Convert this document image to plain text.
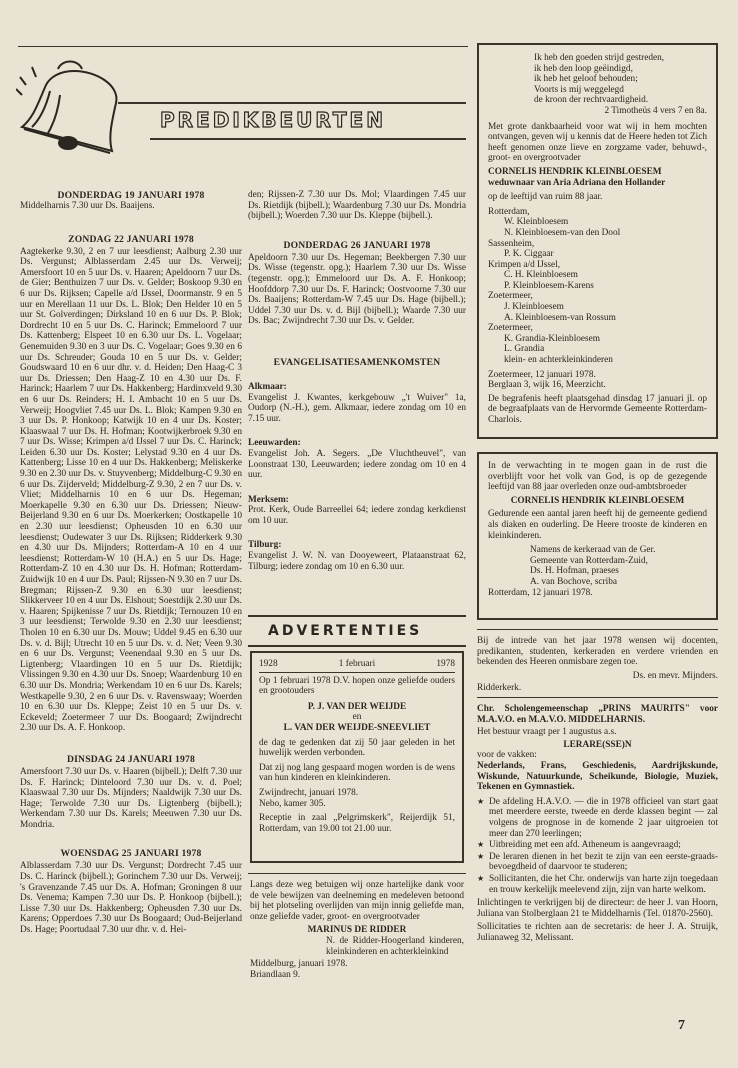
PREDIKBEURTEN
DONDERDAG 19 JANUARI 1978
Middelharnis 7.30 uur Ds. Baaijens.
ZONDAG 22 JANUARI 1978
Aagtekerke 9.30, 2 en 7 uur leesdienst; Aalburg 2.30 uur Ds. Vergunst; Alblasserdam 2.45 uur Ds. Verweij; Amersfoort 10 en 5 uur Ds. v. Haaren; Apeldoorn 7 uur Ds. de Gier; Benthuizen 7 uur Ds. v. Gelder; Boskoop 9.30 en 6 uur Ds. Rijksen; Capelle a/d IJssel, Doormanstr. 9 en 5 uur en Merellaan 11 uur Ds. L. Blok; Den Helder 10 en 5 uur St. Golverdingen; Dirksland 10 en 6 uur Ds. P. Blok; Dordrecht 10 en 5 uur Ds. C. Harinck; Emmeloord 7 uur Ds. Kattenberg; Elspeet 10 en 6.30 uur Ds. L. Vogelaar; Genemuiden 9.30 en 3 uur Ds. C. Vogelaar; Goes 9.30 en 6 uur Ds. Schreuder; Gouda 10 en 5 uur Ds. v. Gelder; Goudswaard 10 en 6 uur dhr. v. d. Heiden; Den Haag-C 3 uur Ds. Driessen; Den Haag-Z 10 en 4.30 uur Ds. F. Harinck; Haarlem 7 uur Ds. Hakkenberg; Hardinxveld 9.30 en 6 uur Ds. Reinders; H. I. Ambacht 10 en 5 uur Ds. Verweij; Hoogvliet 7.45 uur Ds. L. Blok; Kampen 9.30 en 3 uur Ds. P. Honkoop; Katwijk 10 en 4 uur Ds. Koster; Klaaswaal 7 uur Ds. H. Hofman; Kootwijkerbroek 9.30 en 7 uur Ds. Wisse; Krimpen a/d IJssel 7 uur Ds. C. Harinck; Leiden 6.30 uur Ds. Koster; Lelystad 9.30 en 4 uur Ds. Kattenberg; Lisse 10 en 4 uur Ds. Hakkenberg; Meliskerke 9.30 en 2.30 uur Ds. v. Stuyvenberg; Middelburg-C 9.30 en 6 uur Ds. Zijderveld; Middelburg-Z 9.30, 2 en 7 uur Ds. v. Vliet; Middelharnis 10 en 6 uur Ds. Hegeman; Moerkapelle 9.30 en 6.30 uur Ds. Driessen; Nieuw-Beijerland 9.30 en 6 uur Ds. Moerkerken; Oostkapelle 10 en 2.30 uur leesdienst; Opheusden 10 en 6.30 uur leesdienst; Oudewater 3 uur Ds. Rijksen; Ridderkerk 9.30 en 4.30 uur Ds. Mijnders; Rotterdam-A 10 en 4 uur leesdienst; Rotterdam-W 10 (H.A.) en 5 uur Ds. Hage; Rotterdam-Z 10 en 4.30 uur Ds. H. Hofman; Rotterdam-Zuidwijk 10 en 4 uur Ds. Paul; Rijssen-N 9.30 en 7 uur Ds. Bregman; Rijssen-Z 9.30 en 6.30 uur leesdienst; Slikkerveer 10 en 4 uur Ds. Elshout; Soestdijk 2.30 uur Ds. v. Haaren; Spijkenisse 7 uur Ds. Rietdijk; Ternouzen 10 en 3 uur leesdienst; Terwolde 9.30 en 2.30 uur leesdienst; Tholen 10 en 6.30 uur Ds. Mouw; Uddel 9.45 en 6.30 uur Ds. v. d. Bijl; Utrecht 10 en 5 uur Ds. v. d. Net; Veen 9.30 en 6 uur Ds. Vergunst; Veenendaal 9.30 en 5 uur Ds. Ligtenberg; Vlaardingen 10 en 5 uur Ds. Rietdijk; Vlissingen 9.30 en 4.30 uur Ds. Snoep; Waardenburg 10 en 6.30 uur Ds. Mondria; Werkendam 10 en 6 uur Ds. Karels; Westkapelle 9.30, 2 en 6 uur Ds. v. Ravenswaay; Woerden 10 en 6.30 uur Ds. Kleppe; Zeist 10 en 5 uur Ds. v. Eckeveld; Zoetermeer 7 uur Ds. Boogaard; Zwijndrecht 2.30 uur Ds. A. F. Honkoop.
DINSDAG 24 JANUARI 1978
Amersfoort 7.30 uur Ds. v. Haaren (bijbell.); Delft 7.30 uur Ds. F. Harinck; Dinteloord 7.30 uur Ds. v. d. Poel; Klaaswaal 7.30 uur Ds. Mijnders; Naaldwijk 7.30 uur Ds. Hage; Terwolde 7.30 uur Ds. Ligtenberg (bijbell.); Werkendam 7.30 uur Ds. Karels; Meeuwen 7.30 uur Ds. Mondria.
WOENSDAG 25 JANUARI 1978
Alblasserdam 7.30 uur Ds. Vergunst; Dordrecht 7.45 uur Ds. C. Harinck (bijbell.); Gorinchem 7.30 uur Ds. Verweij; 's Gravenzande 7.45 uur Ds. A. Hofman; Groningen 8 uur Ds. Venema; Kampen 7.30 uur Ds. P. Honkoop (bijbell.); Lisse 7.30 uur Ds. Hakkenberg; Opheusden 7.30 uur Ds. Karens; Opperdoes 7.30 uur Ds Boogaard; Oud-Beijerland Ds. Hage; Poortudaal 7.30 uur dhr. v. d. Hei-
den; Rijssen-Z 7.30 uur Ds. Mol; Vlaardingen 7.45 uur Ds. Rietdijk (bijbell.); Waardenburg 7.30 uur Ds. Mondria (bijbell.); Woerden 7.30 uur Ds. Kleppe (bijbell.).
DONDERDAG 26 JANUARI 1978
Apeldoorn 7.30 uur Ds. Hegeman; Beekbergen 7.30 uur Ds. Wisse (tegenstr. opg.); Haarlem 7.30 uur Ds. Wisse (tegenstr. opg.); Emmeloord uur Ds. A. F. Honkoop; Hoofddorp 7.30 uur Ds. F. Harinck; Oostvoorne 7.30 uur Ds. Baaijens; Rotterdam-W 7.45 uur Ds. Hage (bijbell.); Uddel 7.30 uur Ds. v. d. Bijl (bijbell.); Waarde 7.30 uur Ds. Bac; Zwijndrecht 7.30 uur Ds. v. Gelder.
EVANGELISATIESAMENKOMSTEN
Alkmaar:
Evangelist J. Kwantes, kerkgebouw „'t Wuiver" 1a, Oudorp (N.-H.), gem. Alkmaar, iedere zondag om 10 en 7.15 uur.
Leeuwarden:
Evangelist Joh. A. Segers. „De Vluchtheuvel", van Loonstraat 130, Leeuwarden; iedere zondag om 10 en 4 uur.
Merksem:
Prot. Kerk, Oude Barreellei 64; iedere zondag kerkdienst om 10 uur.
Tilburg:
Evangelist J. W. N. van Dooyeweert, Plataanstraat 62, Tilburg; iedere zondag om 10 en 6.30 uur.
ADVERTENTIES
1928	1 februari	1978
Op 1 februari 1978 D.V. hopen onze geliefde ouders en grootouders
P. J. VAN DER WEIJDE
en
L. VAN DER WEIJDE-SNEEVLIET
de dag te gedenken dat zij 50 jaar geleden in het huwelijk werden verbonden.
Dat zij nog lang gespaard mogen worden is de wens van hun kinderen en kleinkinderen.
Zwijndrecht, januari 1978.
Nebo, kamer 305.
Receptie in zaal „Pelgrimskerk", Reijerdijk 51, Rotterdam, van 19.00 tot 21.00 uur.
Langs deze weg betuigen wij onze hartelijke dank voor de vele bewijzen van deelneming en medeleven betoond bij het plotseling overlijden van mijn innig geliefde man, onze geliefde vader, groot- en overgrootvader
MARINUS DE RIDDER
N. de Ridder-Hoogerland kinderen, kleinkinderen en achterkleinkind
Middelburg, januari 1978.
Briandlaan 9.
Ik heb den goeden strijd gestreden,
ik heb den loop geëindigd,
ik heb het geloof behouden;
Voorts is mij weggelegd
de kroon der rechtvaardigheid.
2 Timotheüs 4 vers 7 en 8a.
Met grote dankbaarheid voor wat wij in hem mochten ontvangen, geven wij u kennis dat de Heere heden tot Zich heeft genomen onze lieve en zorgzame vader, behuwd-, groot- en overgrootvader
CORNELIS HENDRIK KLEINBLOESEM
weduwnaar van Aria Adriana den Hollander
op de leeftijd van ruim 88 jaar.
Rotterdam,
W. Kleinbloesem
N. Kleinbloesem-van den Dool
Sassenheim,
P. K. Ciggaar
Krimpen a/d IJssel,
C. H. Kleinbloesem
P. Kleinbloesem-Karens
Zoetermeer,
J. Kleinbloesem
A. Kleinbloesem-van Rossum
Zoetermeer,
K. Grandia-Kleinbloesem
L. Grandia
klein- en achterkleinkinderen
Zoetermeer, 12 januari 1978.
Berglaan 3, wijk 16, Meerzicht.
De begrafenis heeft plaatsgehad dinsdag 17 januari jl. op de begraafplaats van de Hervormde Gemeente Rotterdam-Charlois.
In de verwachting in te mogen gaan in de rust die overblijft voor het volk van God, is op de gezegende leeftijd van 88 jaar overleden onze oud-ambtsbroeder
CORNELIS HENDRIK KLEINBLOESEM
Gedurende een aantal jaren heeft hij de gemeente gediend als diaken en ouderling. De Heere trooste de kinderen en kleinkinderen.
Namens de kerkeraad van de Ger.
Gemeente van Rotterdam-Zuid,
Ds. H. Hofman, praeses
A. van Bochove, scriba
Rotterdam, 12 januari 1978.
Bij de intrede van het jaar 1978 wensen wij docenten, predikanten, studenten, kerkeraden en verdere vrienden en bekenden des Heeren onmisbare zegen toe.
Ds. en mevr. Mijnders.
Ridderkerk.
Chr. Scholengemeenschap „PRINS MAURITS" voor M.A.V.O. en M.A.V.O. MIDDELHARNIS.
Het bestuur vraagt per 1 augustus a.s.
LERARE(SSE)N
voor de vakken:
Nederlands, Frans, Geschiedenis, Aardrijkskunde, Wiskunde, Natuurkunde, Scheikunde, Biologie, Muziek, Tekenen en Gymnastiek.
★ De afdeling H.A.V.O. — die in 1978 officieel van start gaat met meerdere eerste, tweede en derde klassen begint — zal volgens de prognose in de komende 2 jaar uitgroeien tot meer dan 270 leerlingen;
★ Uitbreiding met een afd. Atheneum is aangevraagd;
★ De leraren dienen in het bezit te zijn van een eerste-graads-bevoegdheid of daarvoor te studeren;
★ Sollicitanten, die het Chr. onderwijs van harte zijn toegedaan en trouw kerkelijk meelevend zijn, zijn van harte welkom.
Inlichtingen te verkrijgen bij de directeur: de heer J. van Hoorn, Juliana van Stolberglaan 21 te Middelharnis (Tel. 01870-2560).
Sollicitaties te richten aan de secretaris: de heer J. A. Struijk, Julianaweg 32, Melissant.
7
